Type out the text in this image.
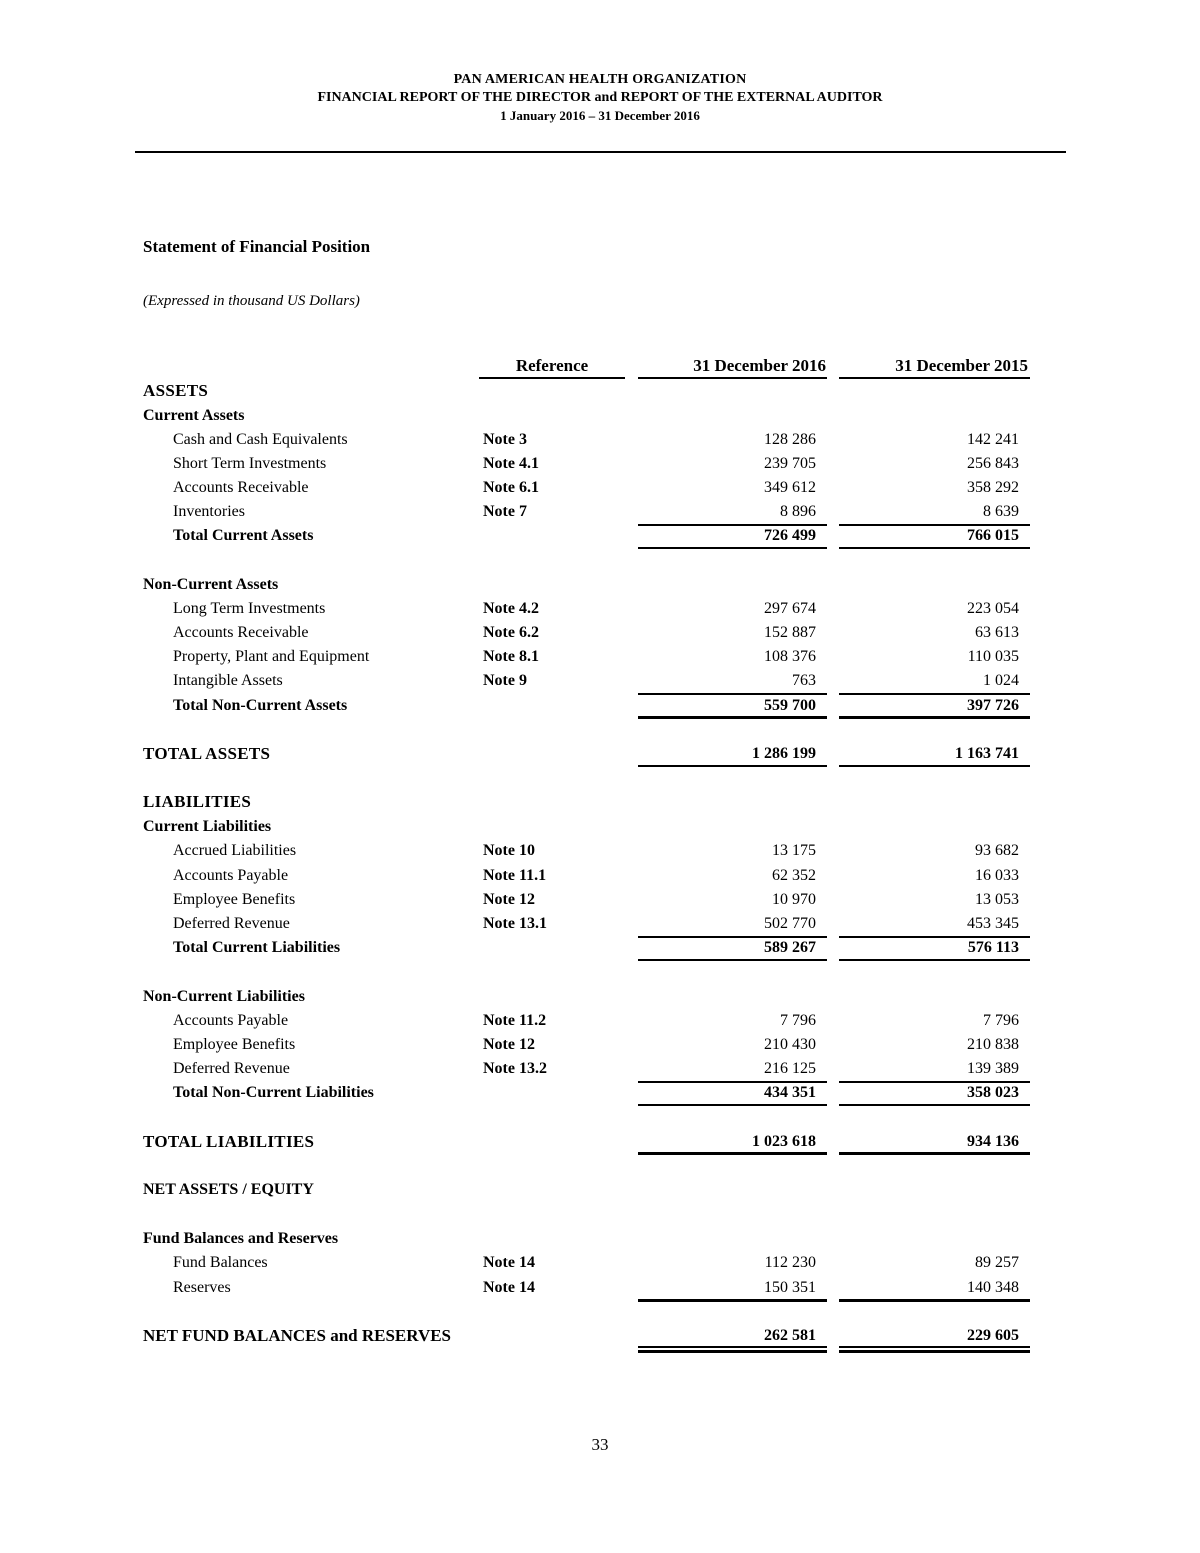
PAN AMERICAN HEALTH ORGANIZATION
FINANCIAL REPORT OF THE DIRECTOR and REPORT OF THE EXTERNAL AUDITOR
1 January 2016 – 31 December 2016
Statement of Financial Position
(Expressed in thousand US Dollars)
Reference	31 December 2016	31 December 2015
ASSETS
Current Assets
Cash and Cash Equivalents	Note 3	128 286	142 241
Short Term Investments	Note 4.1	239 705	256 843
Accounts Receivable	Note 6.1	349 612	358 292
Inventories	Note 7	8 896	8 639
Total Current Assets	726 499	766 015
Non-Current Assets
Long Term Investments	Note 4.2	297 674	223 054
Accounts Receivable	Note 6.2	152 887	63 613
Property, Plant and Equipment	Note 8.1	108 376	110 035
Intangible Assets	Note 9	763	1 024
Total Non-Current Assets	559 700	397 726
TOTAL ASSETS	1 286 199	1 163 741
LIABILITIES
Current Liabilities
Accrued Liabilities	Note 10	13 175	93 682
Accounts Payable	Note 11.1	62 352	16 033
Employee Benefits	Note 12	10 970	13 053
Deferred Revenue	Note 13.1	502 770	453 345
Total Current Liabilities	589 267	576 113
Non-Current Liabilities
Accounts Payable	Note 11.2	7 796	7 796
Employee Benefits	Note 12	210 430	210 838
Deferred Revenue	Note 13.2	216 125	139 389
Total Non-Current Liabilities	434 351	358 023
TOTAL LIABILITIES	1 023 618	934 136
NET ASSETS / EQUITY
Fund Balances and Reserves
Fund Balances	Note 14	112 230	89 257
Reserves	Note 14	150 351	140 348
NET FUND BALANCES and RESERVES	262 581	229 605
33
